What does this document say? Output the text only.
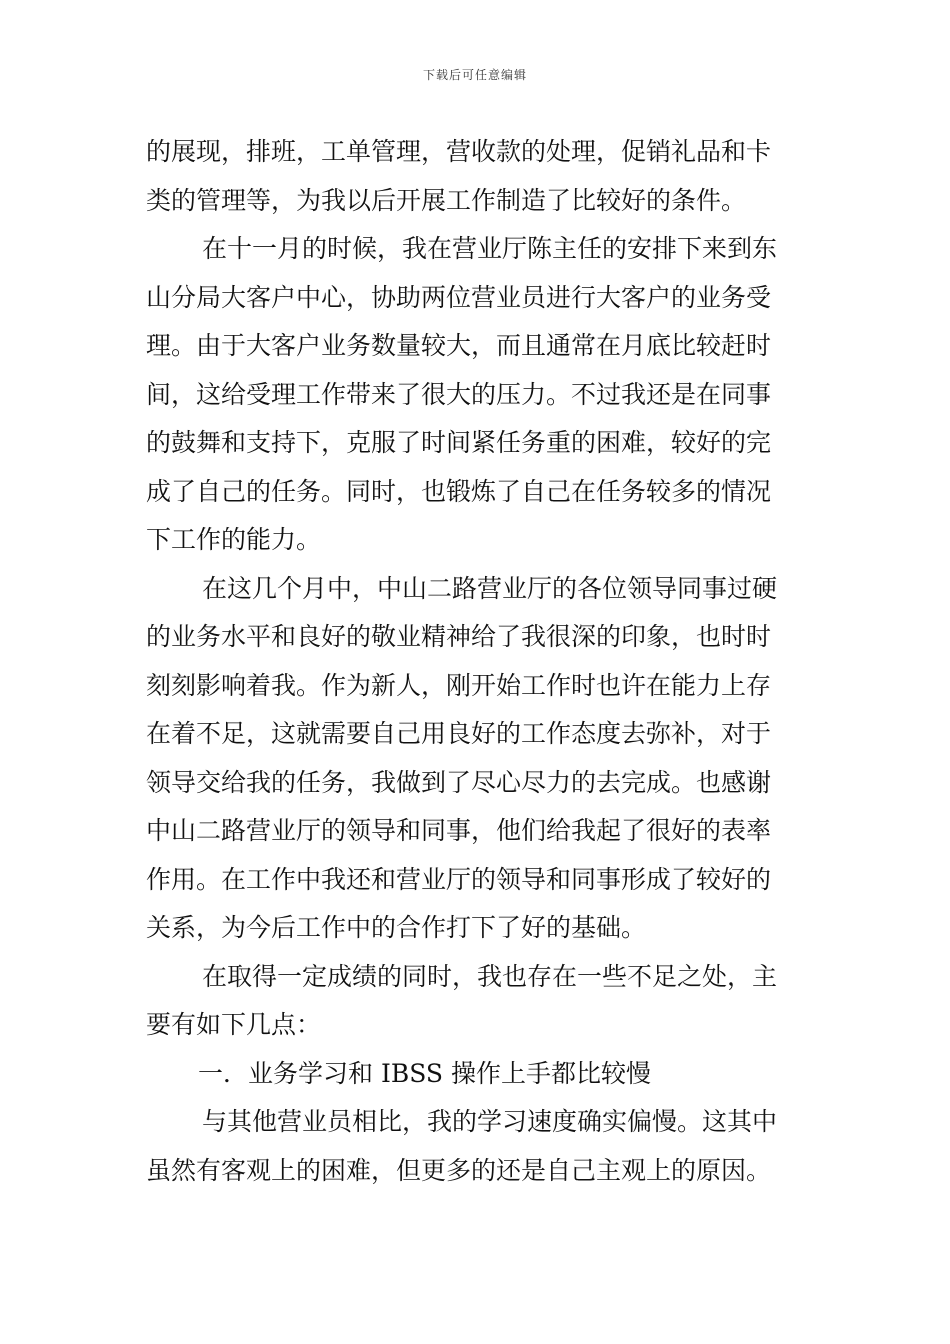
下载后可任意编辑
的展现，排班，工单管理，营收款的处理，促销礼品和卡
类的管理等，为我以后开展工作制造了比较好的条件。
在十一月的时候，我在营业厅陈主任的安排下来到东
山分局大客户中心，协助两位营业员进行大客户的业务受
理。由于大客户业务数量较大，而且通常在月底比较赶时
间，这给受理工作带来了很大的压力。不过我还是在同事
的鼓舞和支持下，克服了时间紧任务重的困难，较好的完
成了自己的任务。同时，也锻炼了自己在任务较多的情况
下工作的能力。
在这几个月中，中山二路营业厅的各位领导同事过硬
的业务水平和良好的敬业精神给了我很深的印象，也时时
刻刻影响着我。作为新人，刚开始工作时也许在能力上存
在着不足，这就需要自己用良好的工作态度去弥补，对于
领导交给我的任务，我做到了尽心尽力的去完成。也感谢
中山二路营业厅的领导和同事，他们给我起了很好的表率
作用。在工作中我还和营业厅的领导和同事形成了较好的
关系，为今后工作中的合作打下了好的基础。
在取得一定成绩的同时，我也存在一些不足之处，主
要有如下几点：
一．业务学习和 IBSS 操作上手都比较慢
与其他营业员相比，我的学习速度确实偏慢。这其中
虽然有客观上的困难，但更多的还是自己主观上的原因。
